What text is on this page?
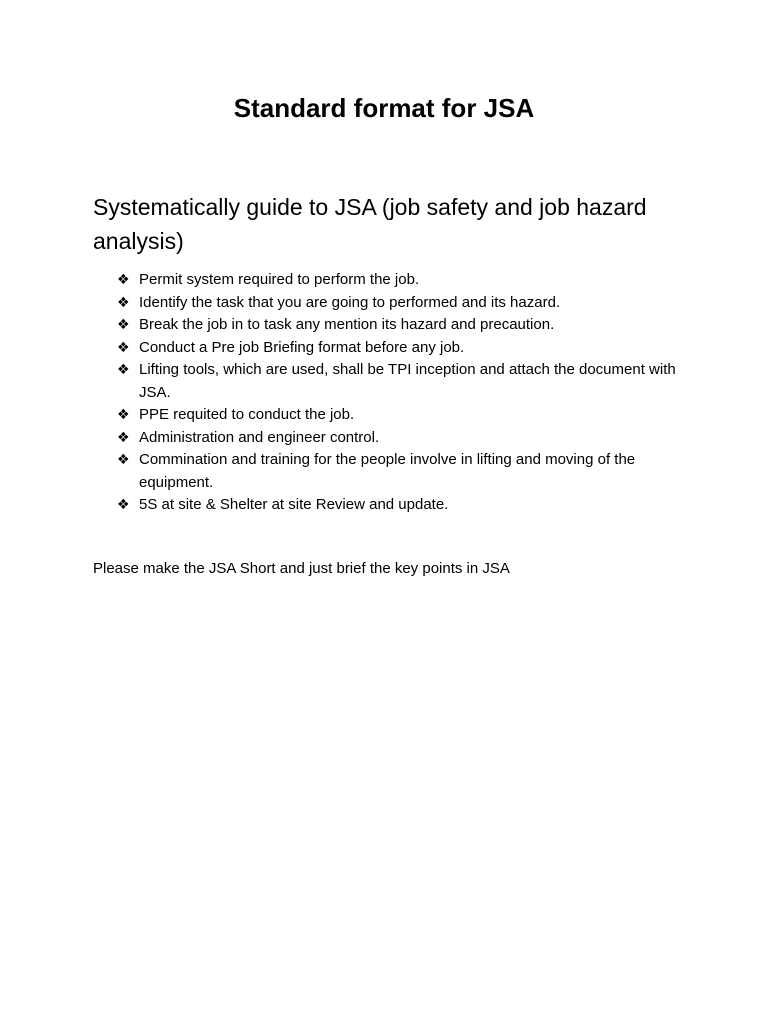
Standard format for JSA
Systematically guide to JSA (job safety and job hazard analysis)
❖ Permit system required to perform the job.
❖ Identify the task that you are going to performed and its hazard.
❖ Break the job in to task any mention its hazard and precaution.
❖ Conduct a Pre job Briefing format before any job.
❖ Lifting tools, which are used, shall be TPI inception and attach the document with JSA.
❖ PPE requited to conduct the job.
❖ Administration and engineer control.
❖ Commination and training for the people involve in lifting and moving of the equipment.
❖ 5S at site & Shelter at site Review and update.

Please make the JSA Short and just brief the key points in JSA
